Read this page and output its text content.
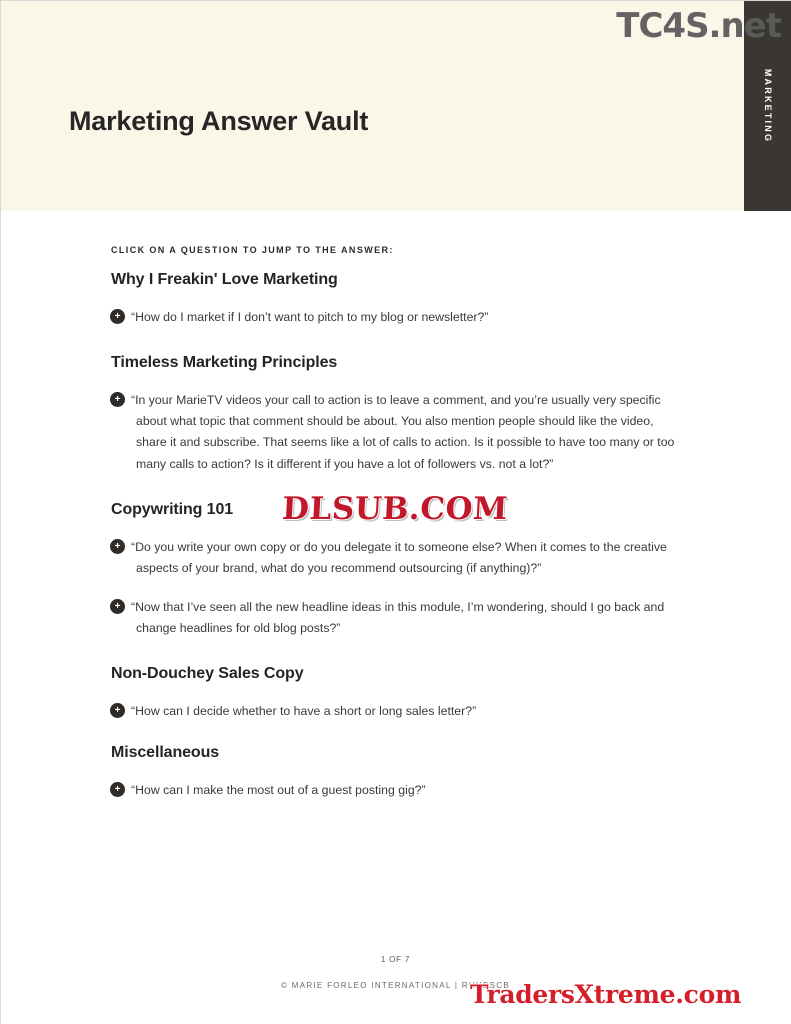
Marketing Answer Vault	MARKETING
TC4S.net
CLICK ON A QUESTION TO JUMP TO THE ANSWER:
Why I Freakin' Love Marketing
+ “How do I market if I don’t want to pitch to my blog or newsletter?”
Timeless Marketing Principles
+ “In your MarieTV videos your call to action is to leave a comment, and you’re usually very specific about what topic that comment should be about. You also mention people should like the video, share it and subscribe. That seems like a lot of calls to action. Is it possible to have too many or too many calls to action? Is it different if you have a lot of followers vs. not a lot?”
Copywriting 101
+ “Do you write your own copy or do you delegate it to someone else? When it comes to the creative aspects of your brand, what do you recommend outsourcing (if anything)?”
+ “Now that I’ve seen all the new headline ideas in this module, I’m wondering, should I go back and change headlines for old blog posts?”
Non-Douchey Sales Copy
+ “How can I decide whether to have a short or long sales letter?”
Miscellaneous
+ “How can I make the most out of a guest posting gig?”
DLSUB.COM
1 OF 7
© MARIE FORLEO INTERNATIONAL | RHHBSCB
TradersXtreme.com
